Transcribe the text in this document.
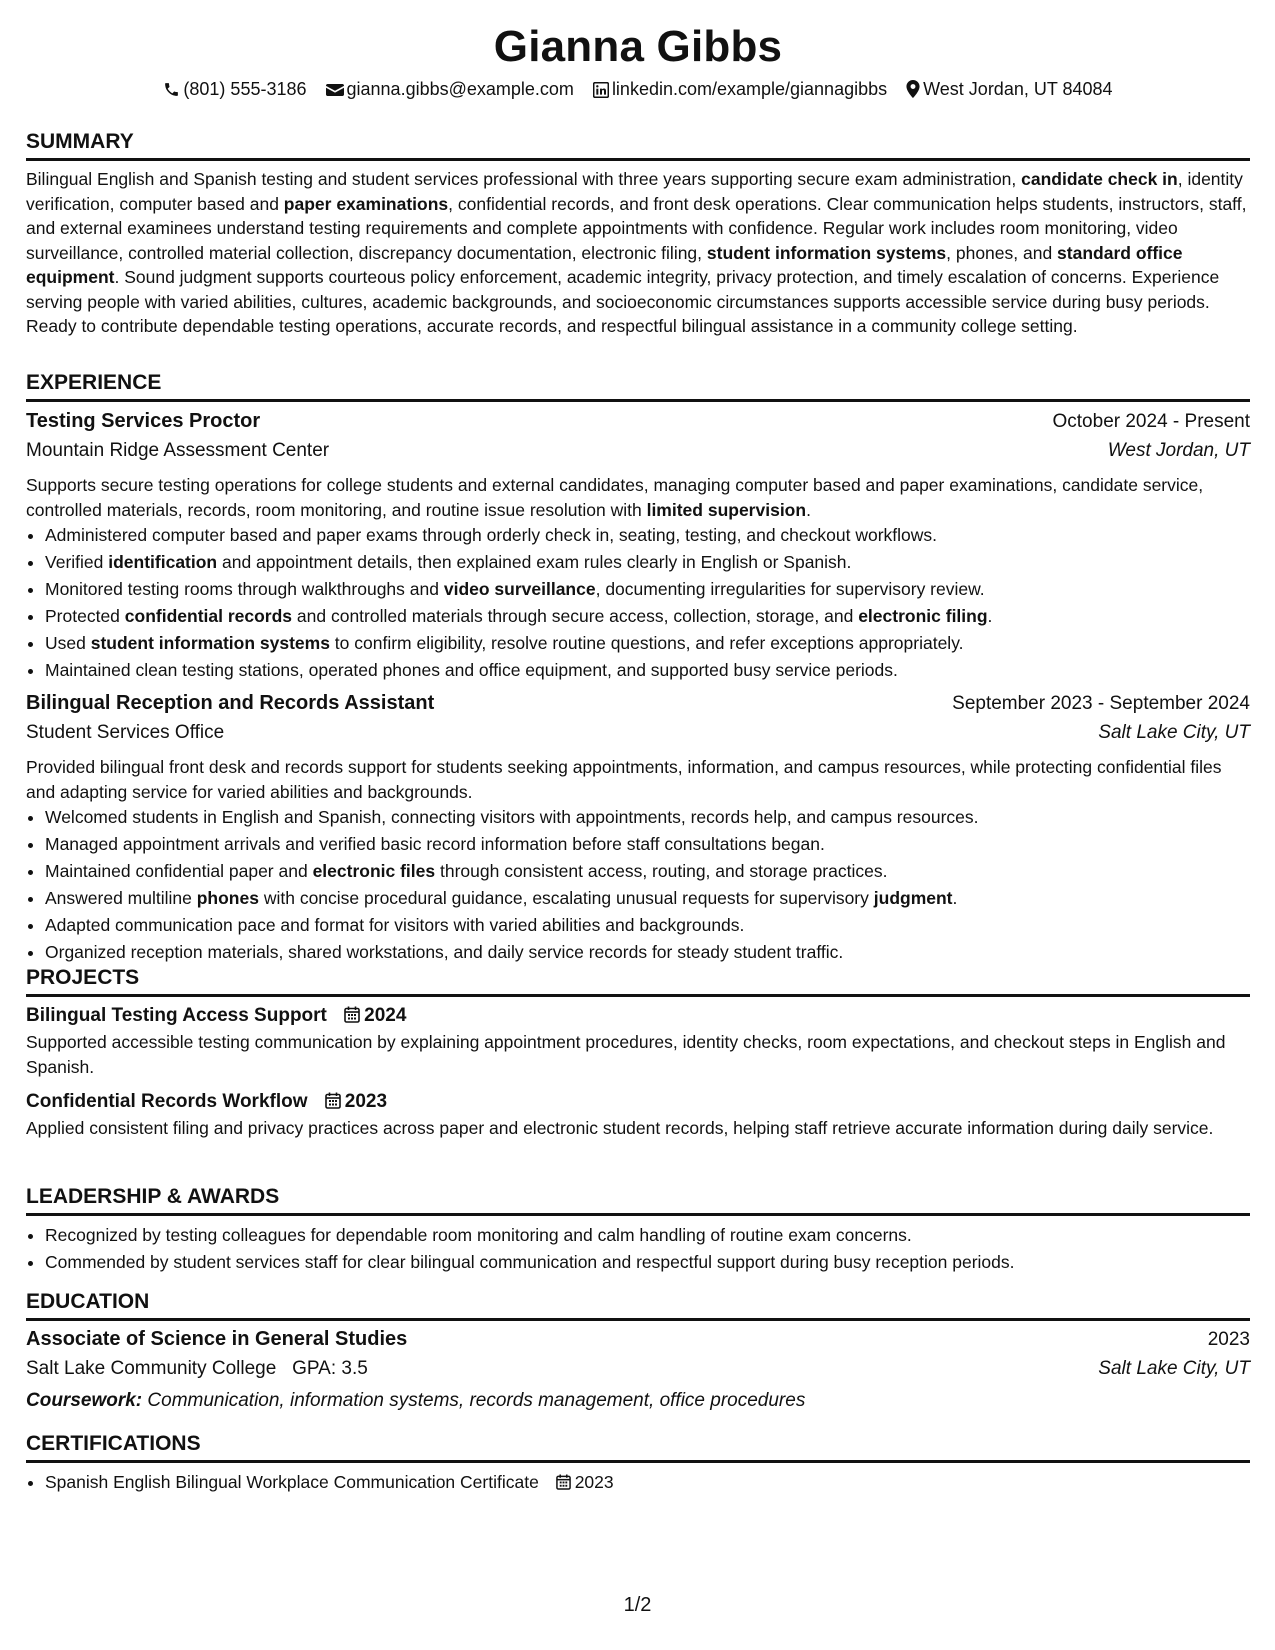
Gianna Gibbs
(801) 555-3186 gianna.gibbs@example.com linkedin.com/example/giannagibbs West Jordan, UT 84084
SUMMARY
Bilingual English and Spanish testing and student services professional with three years supporting secure exam administration, candidate check in, identity verification, computer based and paper examinations, confidential records, and front desk operations. Clear communication helps students, instructors, staff, and external examinees understand testing requirements and complete appointments with confidence. Regular work includes room monitoring, video surveillance, controlled material collection, discrepancy documentation, electronic filing, student information systems, phones, and standard office equipment. Sound judgment supports courteous policy enforcement, academic integrity, privacy protection, and timely escalation of concerns. Experience serving people with varied abilities, cultures, academic backgrounds, and socioeconomic circumstances supports accessible service during busy periods. Ready to contribute dependable testing operations, accurate records, and respectful bilingual assistance in a community college setting.
EXPERIENCE
Testing Services Proctor	October 2024 - Present
Mountain Ridge Assessment Center	West Jordan, UT
Supports secure testing operations for college students and external candidates, managing computer based and paper examinations, candidate service, controlled materials, records, room monitoring, and routine issue resolution with limited supervision.
• Administered computer based and paper exams through orderly check in, seating, testing, and checkout workflows.
• Verified identification and appointment details, then explained exam rules clearly in English or Spanish.
• Monitored testing rooms through walkthroughs and video surveillance, documenting irregularities for supervisory review.
• Protected confidential records and controlled materials through secure access, collection, storage, and electronic filing.
• Used student information systems to confirm eligibility, resolve routine questions, and refer exceptions appropriately.
• Maintained clean testing stations, operated phones and office equipment, and supported busy service periods.
Bilingual Reception and Records Assistant	September 2023 - September 2024
Student Services Office	Salt Lake City, UT
Provided bilingual front desk and records support for students seeking appointments, information, and campus resources, while protecting confidential files and adapting service for varied abilities and backgrounds.
• Welcomed students in English and Spanish, connecting visitors with appointments, records help, and campus resources.
• Managed appointment arrivals and verified basic record information before staff consultations began.
• Maintained confidential paper and electronic files through consistent access, routing, and storage practices.
• Answered multiline phones with concise procedural guidance, escalating unusual requests for supervisory judgment.
• Adapted communication pace and format for visitors with varied abilities and backgrounds.
• Organized reception materials, shared workstations, and daily service records for steady student traffic.
PROJECTS
Bilingual Testing Access Support 2024
Supported accessible testing communication by explaining appointment procedures, identity checks, room expectations, and checkout steps in English and Spanish.
Confidential Records Workflow 2023
Applied consistent filing and privacy practices across paper and electronic student records, helping staff retrieve accurate information during daily service.
LEADERSHIP & AWARDS
• Recognized by testing colleagues for dependable room monitoring and calm handling of routine exam concerns.
• Commended by student services staff for clear bilingual communication and respectful support during busy reception periods.
EDUCATION
Associate of Science in General Studies	2023
Salt Lake Community College GPA: 3.5	Salt Lake City, UT
Coursework: Communication, information systems, records management, office procedures
CERTIFICATIONS
• Spanish English Bilingual Workplace Communication Certificate 2023
1/2
